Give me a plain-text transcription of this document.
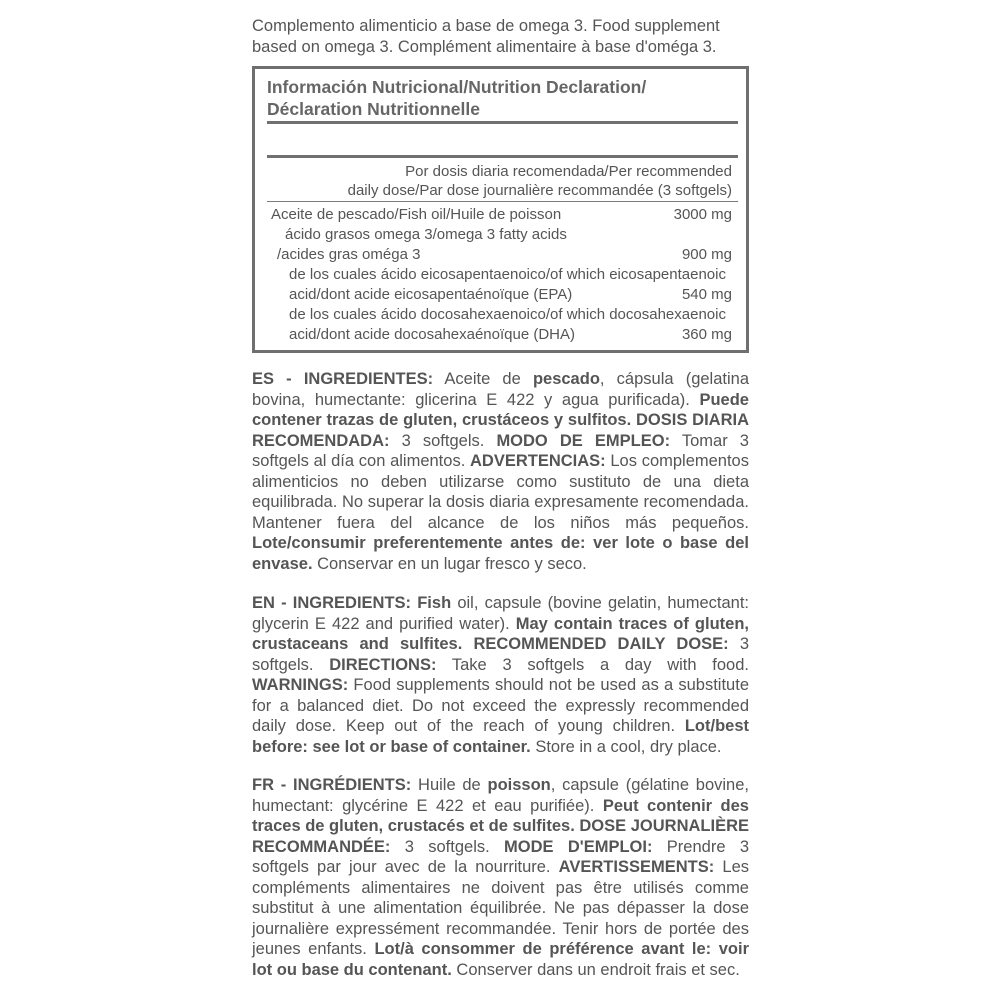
Complemento alimenticio a base de omega 3. Food supplement based on omega 3. Complément alimentaire à base d'oméga 3.
Información Nutricional/Nutrition Declaration/
Déclaration Nutritionnelle
Por dosis diaria recomendada/Per recommended
daily dose/Par dose journalière recommandée (3 softgels)
Aceite de pescado/Fish oil/Huile de poisson	3000 mg
ácido grasos omega 3/omega 3 fatty acids
/acides gras oméga 3	900 mg
de los cuales ácido eicosapentaenoico/of which eicosapentaenoic
acid/dont acide eicosapentaénoïque (EPA)	540 mg
de los cuales ácido docosahexaenoico/of which docosahexaenoic
acid/dont acide docosahexaénoïque (DHA)	360 mg
ES - INGREDIENTES: Aceite de pescado, cápsula (gelatina bovina, humectante: glicerina E 422 y agua purificada). Puede contener trazas de gluten, crustáceos y sulfitos. DOSIS DIARIA RECOMENDADA: 3 softgels. MODO DE EMPLEO: Tomar 3 softgels al día con alimentos. ADVERTENCIAS: Los complementos alimenticios no deben utilizarse como sustituto de una dieta equilibrada. No superar la dosis diaria expresamente recomendada. Mantener fuera del alcance de los niños más pequeños. Lote/consumir preferentemente antes de: ver lote o base del envase. Conservar en un lugar fresco y seco.
EN - INGREDIENTS: Fish oil, capsule (bovine gelatin, humectant: glycerin E 422 and purified water). May contain traces of gluten, crustaceans and sulfites. RECOMMENDED DAILY DOSE: 3 softgels. DIRECTIONS: Take 3 softgels a day with food. WARNINGS: Food supplements should not be used as a substitute for a balanced diet. Do not exceed the expressly recommended daily dose. Keep out of the reach of young children. Lot/best before: see lot or base of container. Store in a cool, dry place.
FR - INGRÉDIENTS: Huile de poisson, capsule (gélatine bovine, humectant: glycérine E 422 et eau purifiée). Peut contenir des traces de gluten, crustacés et de sulfites. DOSE JOURNALIÈRE RECOMMANDÉE: 3 softgels. MODE D'EMPLOI: Prendre 3 softgels par jour avec de la nourriture. AVERTISSEMENTS: Les compléments alimentaires ne doivent pas être utilisés comme substitut à une alimentation équilibrée. Ne pas dépasser la dose journalière expressément recommandée. Tenir hors de portée des jeunes enfants. Lot/à consommer de préférence avant le: voir lot ou base du contenant. Conserver dans un endroit frais et sec.
